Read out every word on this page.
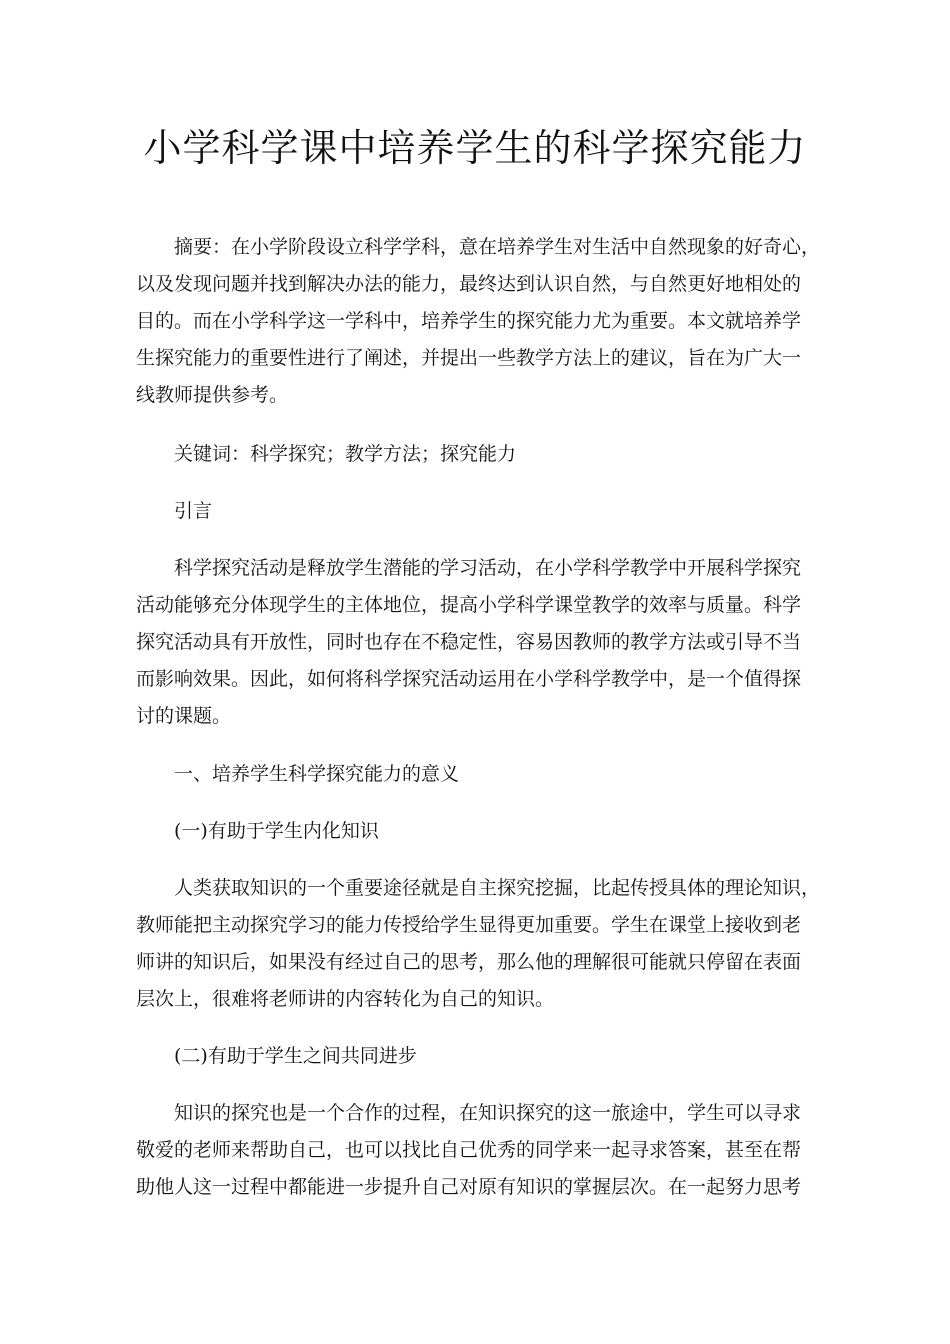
小学科学课中培养学生的科学探究能力
摘要：在小学阶段设立科学学科，意在培养学生对生活中自然现象的好奇心，
以及发现问题并找到解决办法的能力，最终达到认识自然，与自然更好地相处的
目的。而在小学科学这一学科中，培养学生的探究能力尤为重要。本文就培养学
生探究能力的重要性进行了阐述，并提出一些教学方法上的建议，旨在为广大一
线教师提供参考。
关键词：科学探究；教学方法；探究能力
引言
科学探究活动是释放学生潜能的学习活动，在小学科学教学中开展科学探究
活动能够充分体现学生的主体地位，提高小学科学课堂教学的效率与质量。科学
探究活动具有开放性，同时也存在不稳定性，容易因教师的教学方法或引导不当
而影响效果。因此，如何将科学探究活动运用在小学科学教学中，是一个值得探
讨的课题。
一、培养学生科学探究能力的意义
(一)有助于学生内化知识
人类获取知识的一个重要途径就是自主探究挖掘，比起传授具体的理论知识，
教师能把主动探究学习的能力传授给学生显得更加重要。学生在课堂上接收到老
师讲的知识后，如果没有经过自己的思考，那么他的理解很可能就只停留在表面
层次上，很难将老师讲的内容转化为自己的知识。
(二)有助于学生之间共同进步
知识的探究也是一个合作的过程，在知识探究的这一旅途中，学生可以寻求
敬爱的老师来帮助自己，也可以找比自己优秀的同学来一起寻求答案，甚至在帮
助他人这一过程中都能进一步提升自己对原有知识的掌握层次。在一起努力思考
